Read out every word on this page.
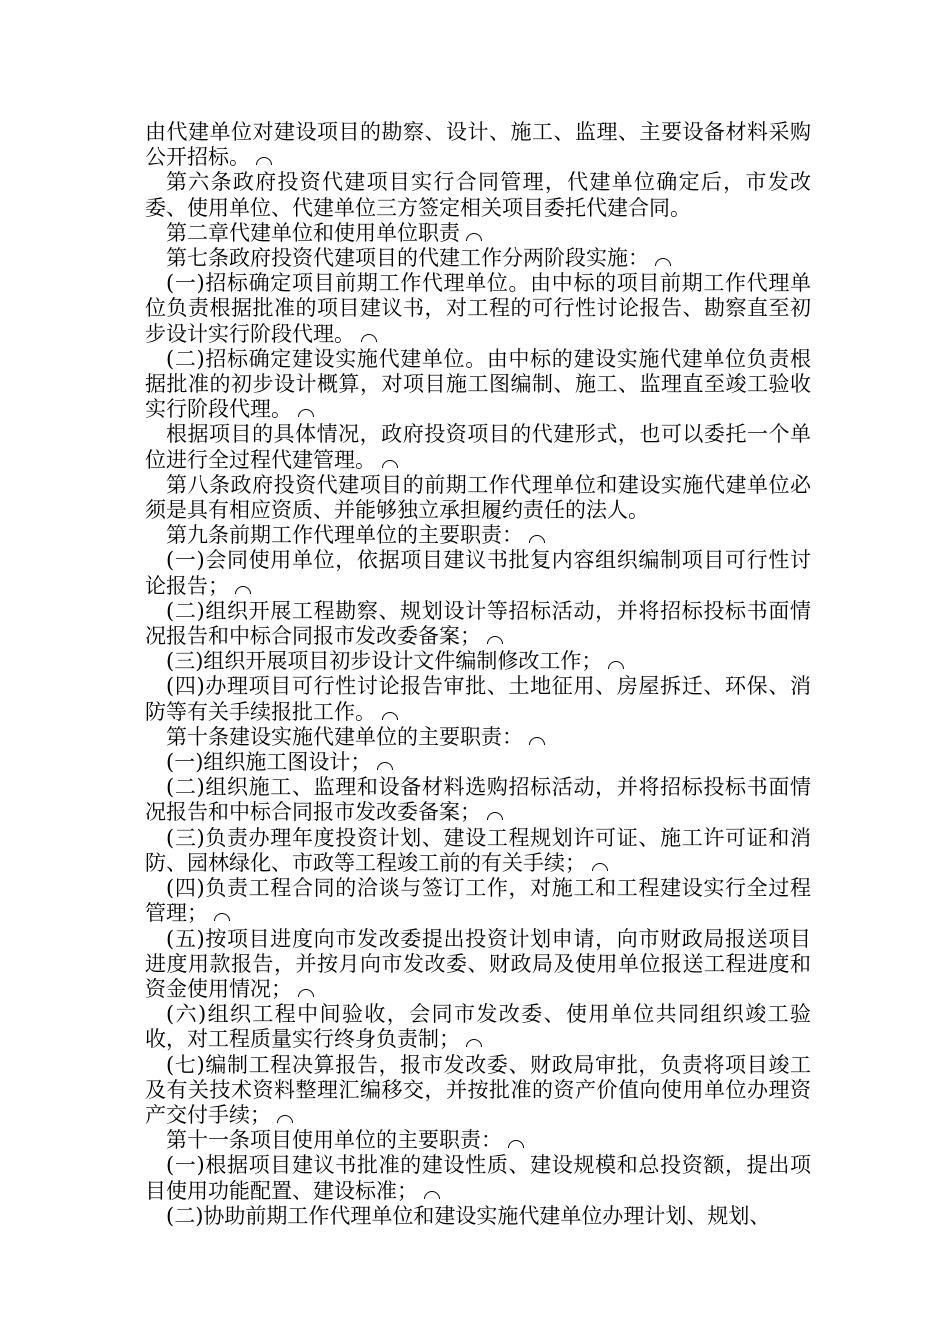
由代建单位对建设项目的勘察、设计、施工、监理、主要设备材料采购公开招标。

第六条政府投资代建项目实行合同管理，代建单位确定后，市发改委、使用单位、代建单位三方签定相关项目委托代建合同。

第二章代建单位和使用单位职责

第七条政府投资代建项目的代建工作分两阶段实施：

(一)招标确定项目前期工作代理单位。由中标的项目前期工作代理单位负责根据批准的项目建议书，对工程的可行性讨论报告、勘察直至初步设计实行阶段代理。

(二)招标确定建设实施代建单位。由中标的建设实施代建单位负责根据批准的初步设计概算，对项目施工图编制、施工、监理直至竣工验收实行阶段代理。

根据项目的具体情况，政府投资项目的代建形式，也可以委托一个单位进行全过程代建管理。

第八条政府投资代建项目的前期工作代理单位和建设实施代建单位必须是具有相应资质、并能够独立承担履约责任的法人。

第九条前期工作代理单位的主要职责：

(一)会同使用单位，依据项目建议书批复内容组织编制项目可行性讨论报告；

(二)组织开展工程勘察、规划设计等招标活动，并将招标投标书面情况报告和中标合同报市发改委备案；

(三)组织开展项目初步设计文件编制修改工作；

(四)办理项目可行性讨论报告审批、土地征用、房屋拆迁、环保、消防等有关手续报批工作。

第十条建设实施代建单位的主要职责：

(一)组织施工图设计；

(二)组织施工、监理和设备材料选购招标活动，并将招标投标书面情况报告和中标合同报市发改委备案；

(三)负责办理年度投资计划、建设工程规划许可证、施工许可证和消防、园林绿化、市政等工程竣工前的有关手续；

(四)负责工程合同的洽谈与签订工作，对施工和工程建设实行全过程管理；

(五)按项目进度向市发改委提出投资计划申请，向市财政局报送项目进度用款报告，并按月向市发改委、财政局及使用单位报送工程进度和资金使用情况；

(六)组织工程中间验收，会同市发改委、使用单位共同组织竣工验收，对工程质量实行终身负责制；

(七)编制工程决算报告，报市发改委、财政局审批，负责将项目竣工及有关技术资料整理汇编移交，并按批准的资产价值向使用单位办理资产交付手续；

第十一条项目使用单位的主要职责：

(一)根据项目建议书批准的建设性质、建设规模和总投资额，提出项目使用功能配置、建设标准；

(二)协助前期工作代理单位和建设实施代建单位办理计划、规划、
